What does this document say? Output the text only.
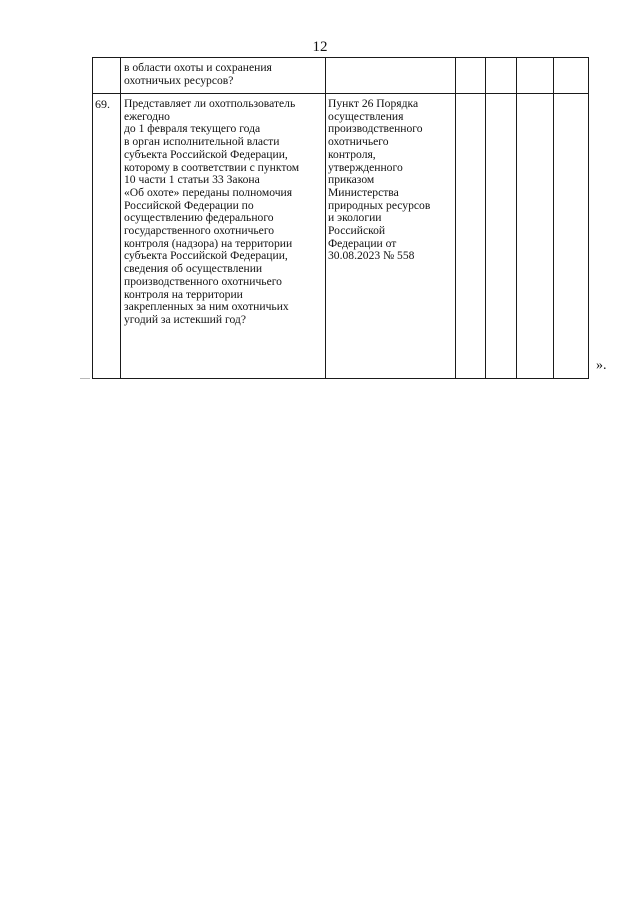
12
в области охоты и сохранения
охотничьих ресурсов?
69. Представляет ли охотпользователь
ежегодно
до 1 февраля текущего года
в орган исполнительной власти
субъекта Российской Федерации,
которому в соответствии с пунктом
10 части 1 статьи 33 Закона
«Об охоте» переданы полномочия
Российской Федерации по
осуществлению федерального
государственного охотничьего
контроля (надзора) на территории
субъекта Российской Федерации,
сведения об осуществлении
производственного охотничьего
контроля на территории
закрепленных за ним охотничьих
угодий за истекший год?
Пункт 26 Порядка
осуществления
производственного
охотничьего
контроля,
утвержденного
приказом
Министерства
природных ресурсов
и экологии
Российской
Федерации от
30.08.2023 № 558
».
